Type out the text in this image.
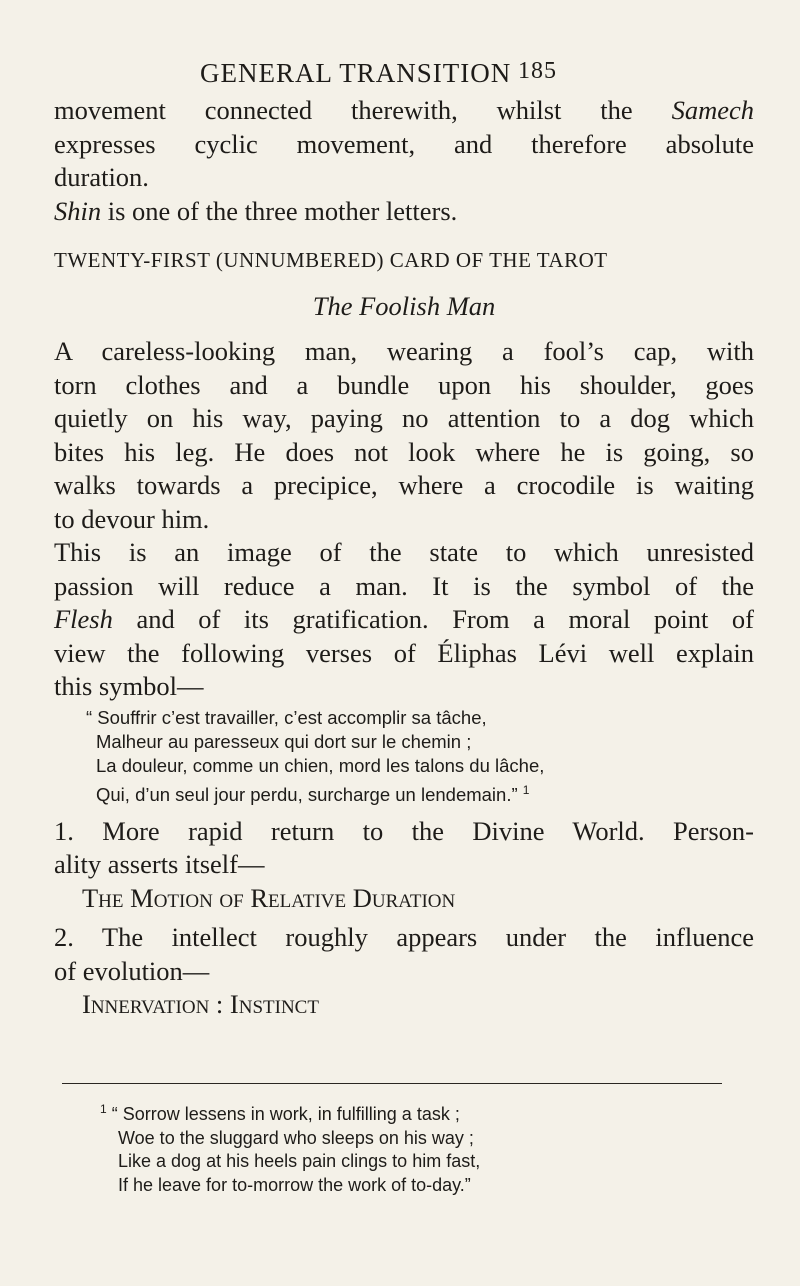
GENERAL TRANSITION 185
movement connected therewith, whilst the Samech
expresses cyclic movement, and therefore absolute
duration.
Shin is one of the three mother letters.
TWENTY-FIRST (UNNUMBERED) CARD OF THE TAROT
The Foolish Man
A careless-looking man, wearing a fool’s cap, with
torn clothes and a bundle upon his shoulder, goes
quietly on his way, paying no attention to a dog which
bites his leg. He does not look where he is going, so
walks towards a precipice, where a crocodile is waiting
to devour him.
This is an image of the state to which unresisted
passion will reduce a man. It is the symbol of the
Flesh and of its gratification. From a moral point of
view the following verses of Éliphas Lévi well explain
this symbol—
“ Souffrir c’est travailler, c’est accomplir sa tâche,
Malheur au paresseux qui dort sur le chemin ;
La douleur, comme un chien, mord les talons du lâche,
Qui, d’un seul jour perdu, surcharge un lendemain.” $^1$
1. More rapid return to the Divine World. Person-
ality asserts itself—
The Motion of Relative Duration
2. The intellect roughly appears under the influence
of evolution—
Innervation : Instinct
$^1$ “ Sorrow lessens in work, in fulfilling a task ;
Woe to the sluggard who sleeps on his way ;
Like a dog at his heels pain clings to him fast,
If he leave for to-morrow the work of to-day.”
